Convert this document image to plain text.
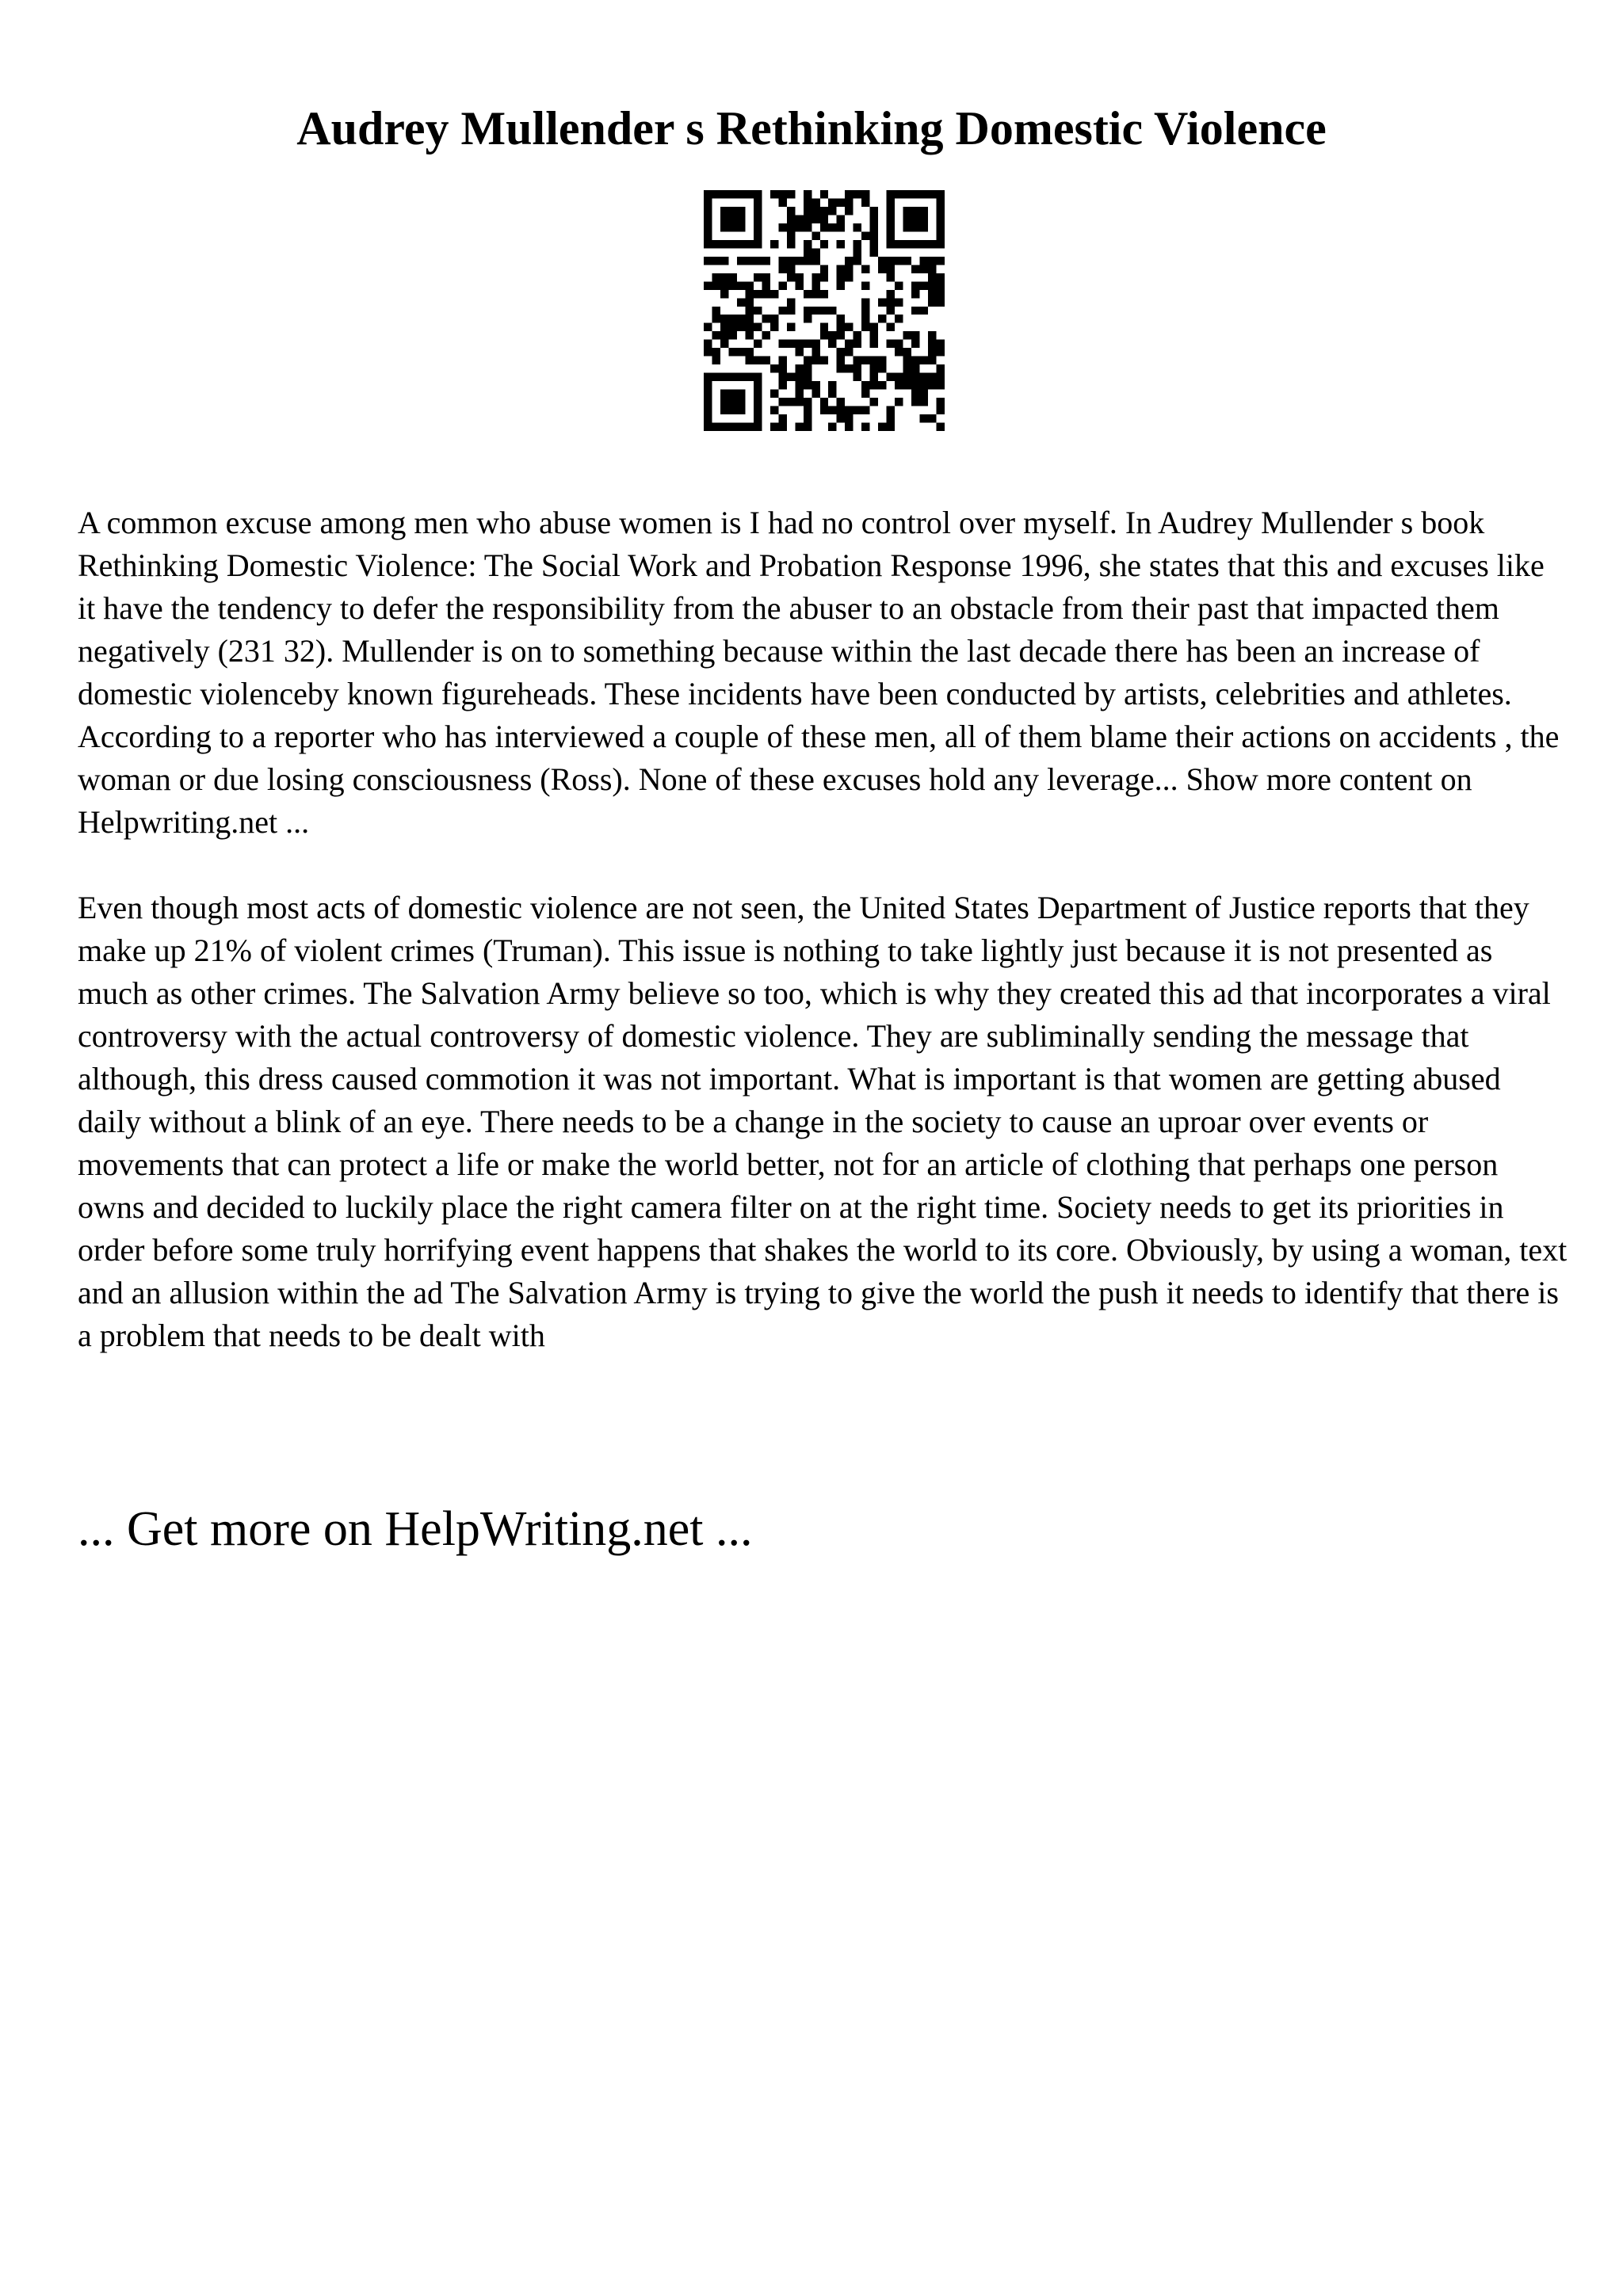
Audrey Mullender s Rethinking Domestic Violence

A common excuse among men who abuse women is I had no control over myself. In Audrey Mullender s book Rethinking Domestic Violence: The Social Work and Probation Response 1996, she states that this and excuses like it have the tendency to defer the responsibility from the abuser to an obstacle from their past that impacted them negatively (231 32). Mullender is on to something because within the last decade there has been an increase of domestic violenceby known figureheads. These incidents have been conducted by artists, celebrities and athletes. According to a reporter who has interviewed a couple of these men, all of them blame their actions on accidents , the woman or due losing consciousness (Ross). None of these excuses hold any leverage... Show more content on Helpwriting.net ...

Even though most acts of domestic violence are not seen, the United States Department of Justice reports that they make up 21% of violent crimes (Truman). This issue is nothing to take lightly just because it is not presented as much as other crimes. The Salvation Army believe so too, which is why they created this ad that incorporates a viral controversy with the actual controversy of domestic violence. They are subliminally sending the message that although, this dress caused commotion it was not important. What is important is that women are getting abused daily without a blink of an eye. There needs to be a change in the society to cause an uproar over events or movements that can protect a life or make the world better, not for an article of clothing that perhaps one person owns and decided to luckily place the right camera filter on at the right time. Society needs to get its priorities in order before some truly horrifying event happens that shakes the world to its core. Obviously, by using a woman, text and an allusion within the ad The Salvation Army is trying to give the world the push it needs to identify that there is a problem that needs to be dealt with

... Get more on HelpWriting.net ...
